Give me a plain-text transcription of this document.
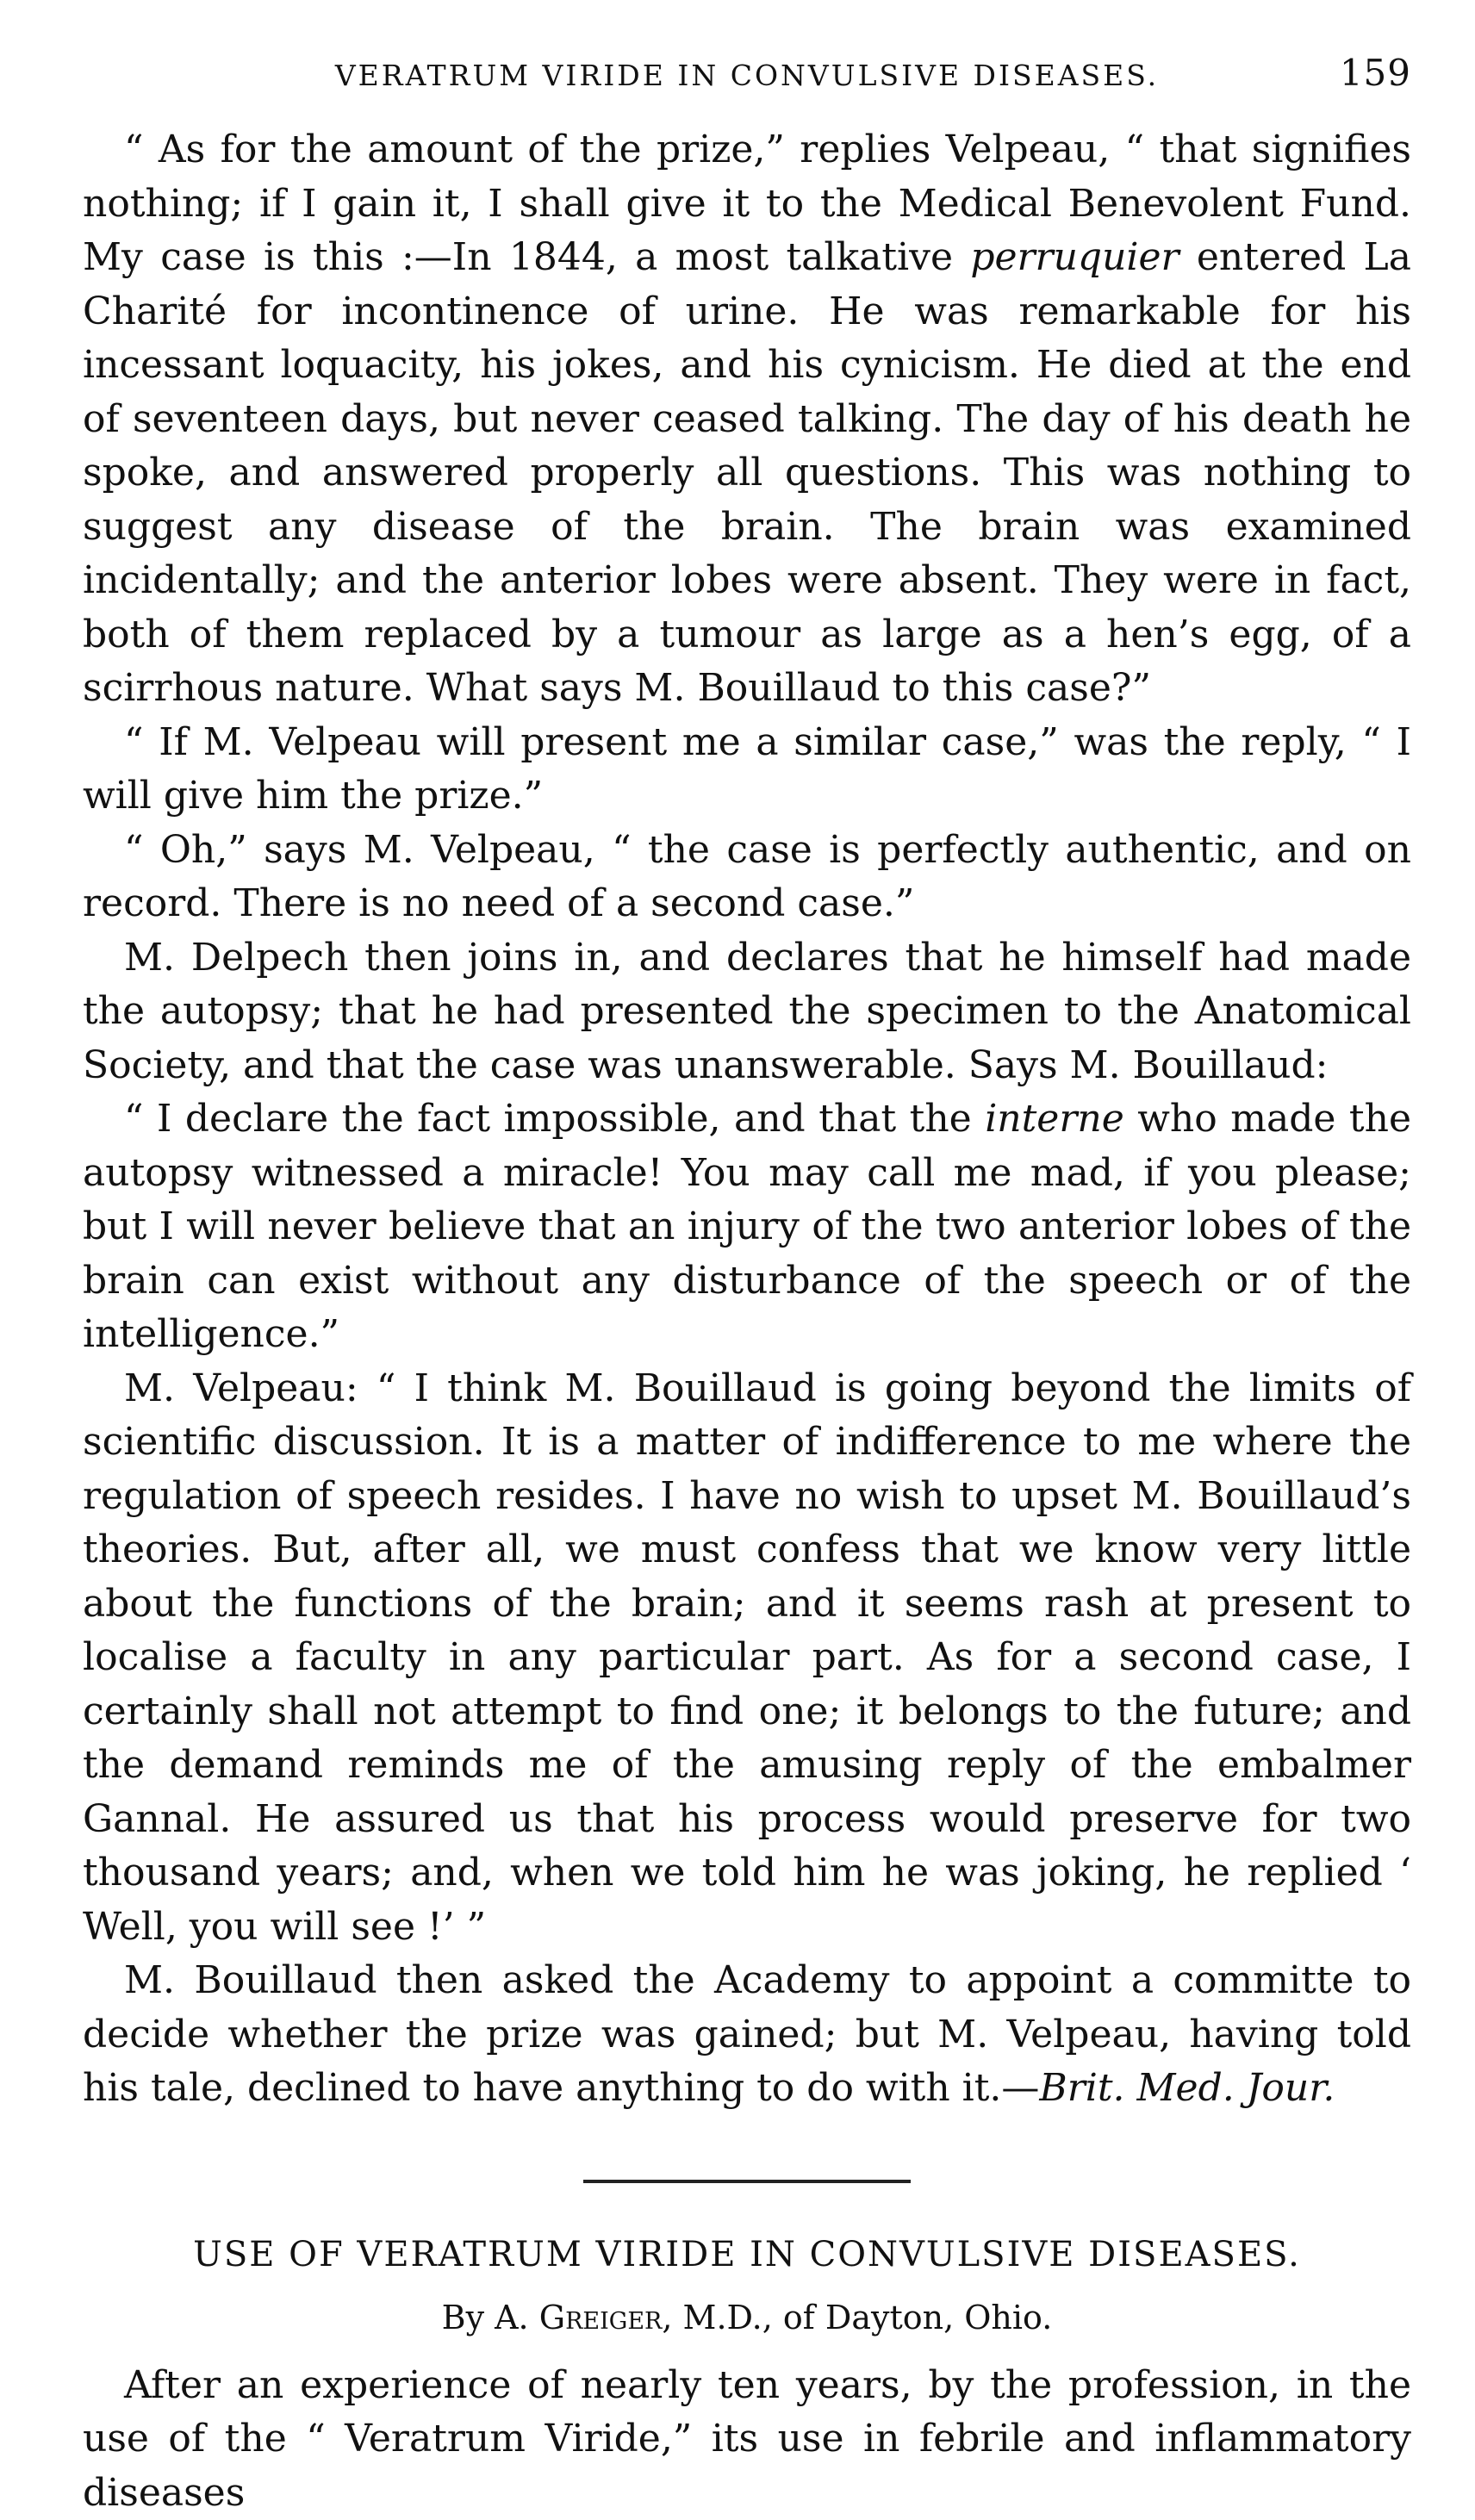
VERATRUM VIRIDE IN CONVULSIVE DISEASES.	159

“ As for the amount of the prize,” replies Velpeau, “ that signifies nothing; if I gain it, I shall give it to the Medical Benevolent Fund. My case is this :—In 1844, a most talkative perruquier entered La Charité for incontinence of urine. He was remarkable for his incessant loquacity, his jokes, and his cynicism. He died at the end of seventeen days, but never ceased talking. The day of his death he spoke, and answered properly all questions. This was nothing to suggest any disease of the brain. The brain was examined incidentally; and the anterior lobes were absent. They were in fact, both of them replaced by a tumour as large as a hen’s egg, of a scirrhous nature. What says M. Bouillaud to this case?”

“ If M. Velpeau will present me a similar case,” was the reply, “ I will give him the prize.”

“ Oh,” says M. Velpeau, “ the case is perfectly authentic, and on record. There is no need of a second case.”

M. Delpech then joins in, and declares that he himself had made the autopsy; that he had presented the specimen to the Anatomical Society, and that the case was unanswerable. Says M. Bouillaud:

“ I declare the fact impossible, and that the interne who made the autopsy witnessed a miracle! You may call me mad, if you please; but I will never believe that an injury of the two anterior lobes of the brain can exist without any disturbance of the speech or of the intelligence.”

M. Velpeau: “ I think M. Bouillaud is going beyond the limits of scientific discussion. It is a matter of indifference to me where the regulation of speech resides. I have no wish to upset M. Bouillaud’s theories. But, after all, we must confess that we know very little about the functions of the brain; and it seems rash at present to localise a faculty in any particular part. As for a second case, I certainly shall not attempt to find one; it belongs to the future; and the demand reminds me of the amusing reply of the embalmer Gannal. He assured us that his process would preserve for two thousand years; and, when we told him he was joking, he replied ‘ Well, you will see !’ ”

M. Bouillaud then asked the Academy to appoint a committe to decide whether the prize was gained; but M. Velpeau, having told his tale, declined to have anything to do with it.—Brit. Med. Jour.

USE OF VERATRUM VIRIDE IN CONVULSIVE DISEASES.
By A. Greiger, M.D., of Dayton, Ohio.

After an experience of nearly ten years, by the profession, in the use of the “ Veratrum Viride,” its use in febrile and inflammatory diseases
